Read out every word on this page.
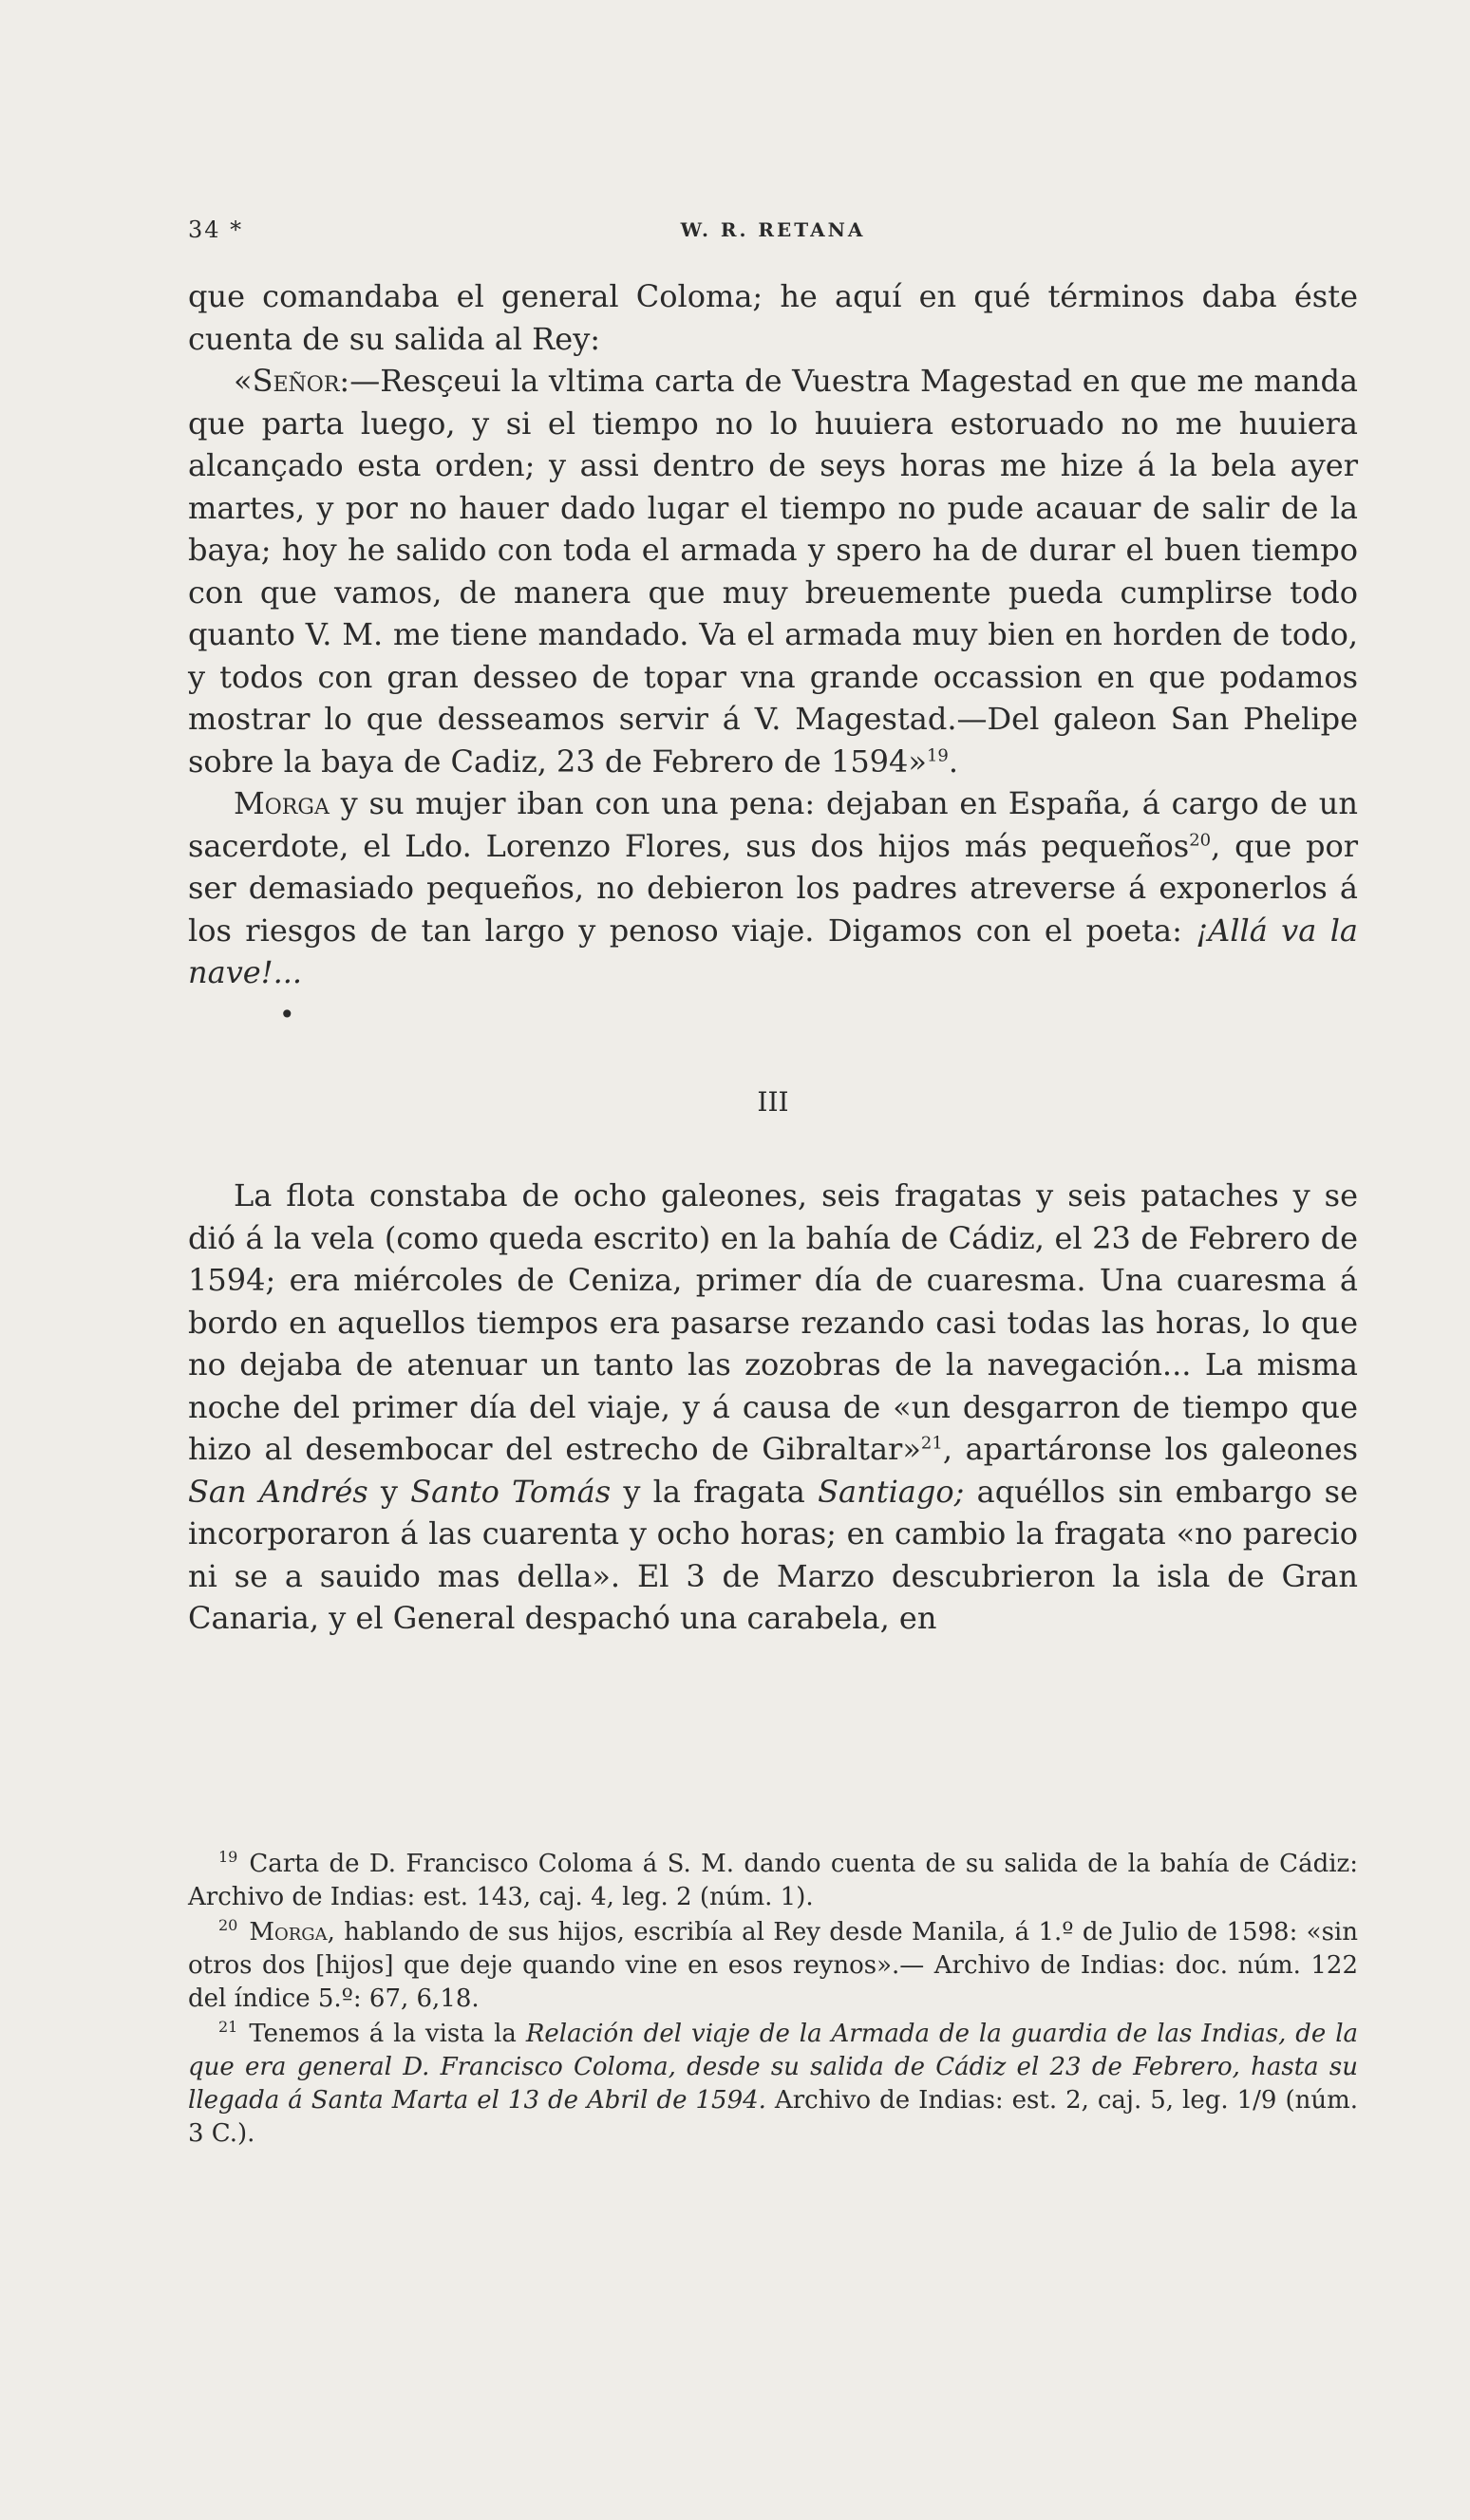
34 *	W. R. RETANA

que comandaba el general Coloma; he aquí en qué términos daba éste cuenta de su salida al Rey:

«Señor:—Resçeui la vltima carta de Vuestra Magestad en que me manda que parta luego, y si el tiempo no lo huuiera estoruado no me huuiera alcançado esta orden; y assi dentro de seys horas me hize á la bela ayer martes, y por no hauer dado lugar el tiempo no pude acauar de salir de la baya; hoy he salido con toda el armada y spero ha de durar el buen tiempo con que vamos, de manera que muy breuemente pueda cumplirse todo quanto V. M. me tiene mandado. Va el armada muy bien en horden de todo, y todos con gran desseo de topar vna grande occassion en que podamos mostrar lo que desseamos servir á V. Magestad.—Del galeon San Phelipe sobre la baya de Cadiz, 23 de Febrero de 1594»$^{19}$.

Morga y su mujer iban con una pena: dejaban en España, á cargo de un sacerdote, el Ldo. Lorenzo Flores, sus dos hijos más pequeños$^{20}$, que por ser demasiado pequeños, no debieron los padres atreverse á exponerlos á los riesgos de tan largo y penoso viaje. Digamos con el poeta: ¡Allá va la nave!...

•
III

La flota constaba de ocho galeones, seis fragatas y seis pataches y se dió á la vela (como queda escrito) en la bahía de Cádiz, el 23 de Febrero de 1594; era miércoles de Ceniza, primer día de cuaresma. Una cuaresma á bordo en aquellos tiempos era pasarse rezando casi todas las horas, lo que no dejaba de atenuar un tanto las zozobras de la navegación... La misma noche del primer día del viaje, y á causa de «un desgarron de tiempo que hizo al desembocar del estrecho de Gibraltar»$^{21}$, apartáronse los galeones San Andrés y Santo Tomás y la fragata Santiago; aquéllos sin embargo se incorporaron á las cuarenta y ocho horas; en cambio la fragata «no parecio ni se a sauido mas della». El 3 de Marzo descubrieron la isla de Gran Canaria, y el General despachó una carabela, en

$^{19}$ Carta de D. Francisco Coloma á S. M. dando cuenta de su salida de la bahía de Cádiz: Archivo de Indias: est. 143, caj. 4, leg. 2 (núm. 1).

$^{20}$ Morga, hablando de sus hijos, escribía al Rey desde Manila, á 1.º de Julio de 1598: «sin otros dos [hijos] que deje quando vine en esos reynos».— Archivo de Indias: doc. núm. 122 del índice 5.º: 67, 6,18.

$^{21}$ Tenemos á la vista la Relación del viaje de la Armada de la guardia de las Indias, de la que era general D. Francisco Coloma, desde su salida de Cádiz el 23 de Febrero, hasta su llegada á Santa Marta el 13 de Abril de 1594. Archivo de Indias: est. 2, caj. 5, leg. 1/9 (núm. 3 C.).
